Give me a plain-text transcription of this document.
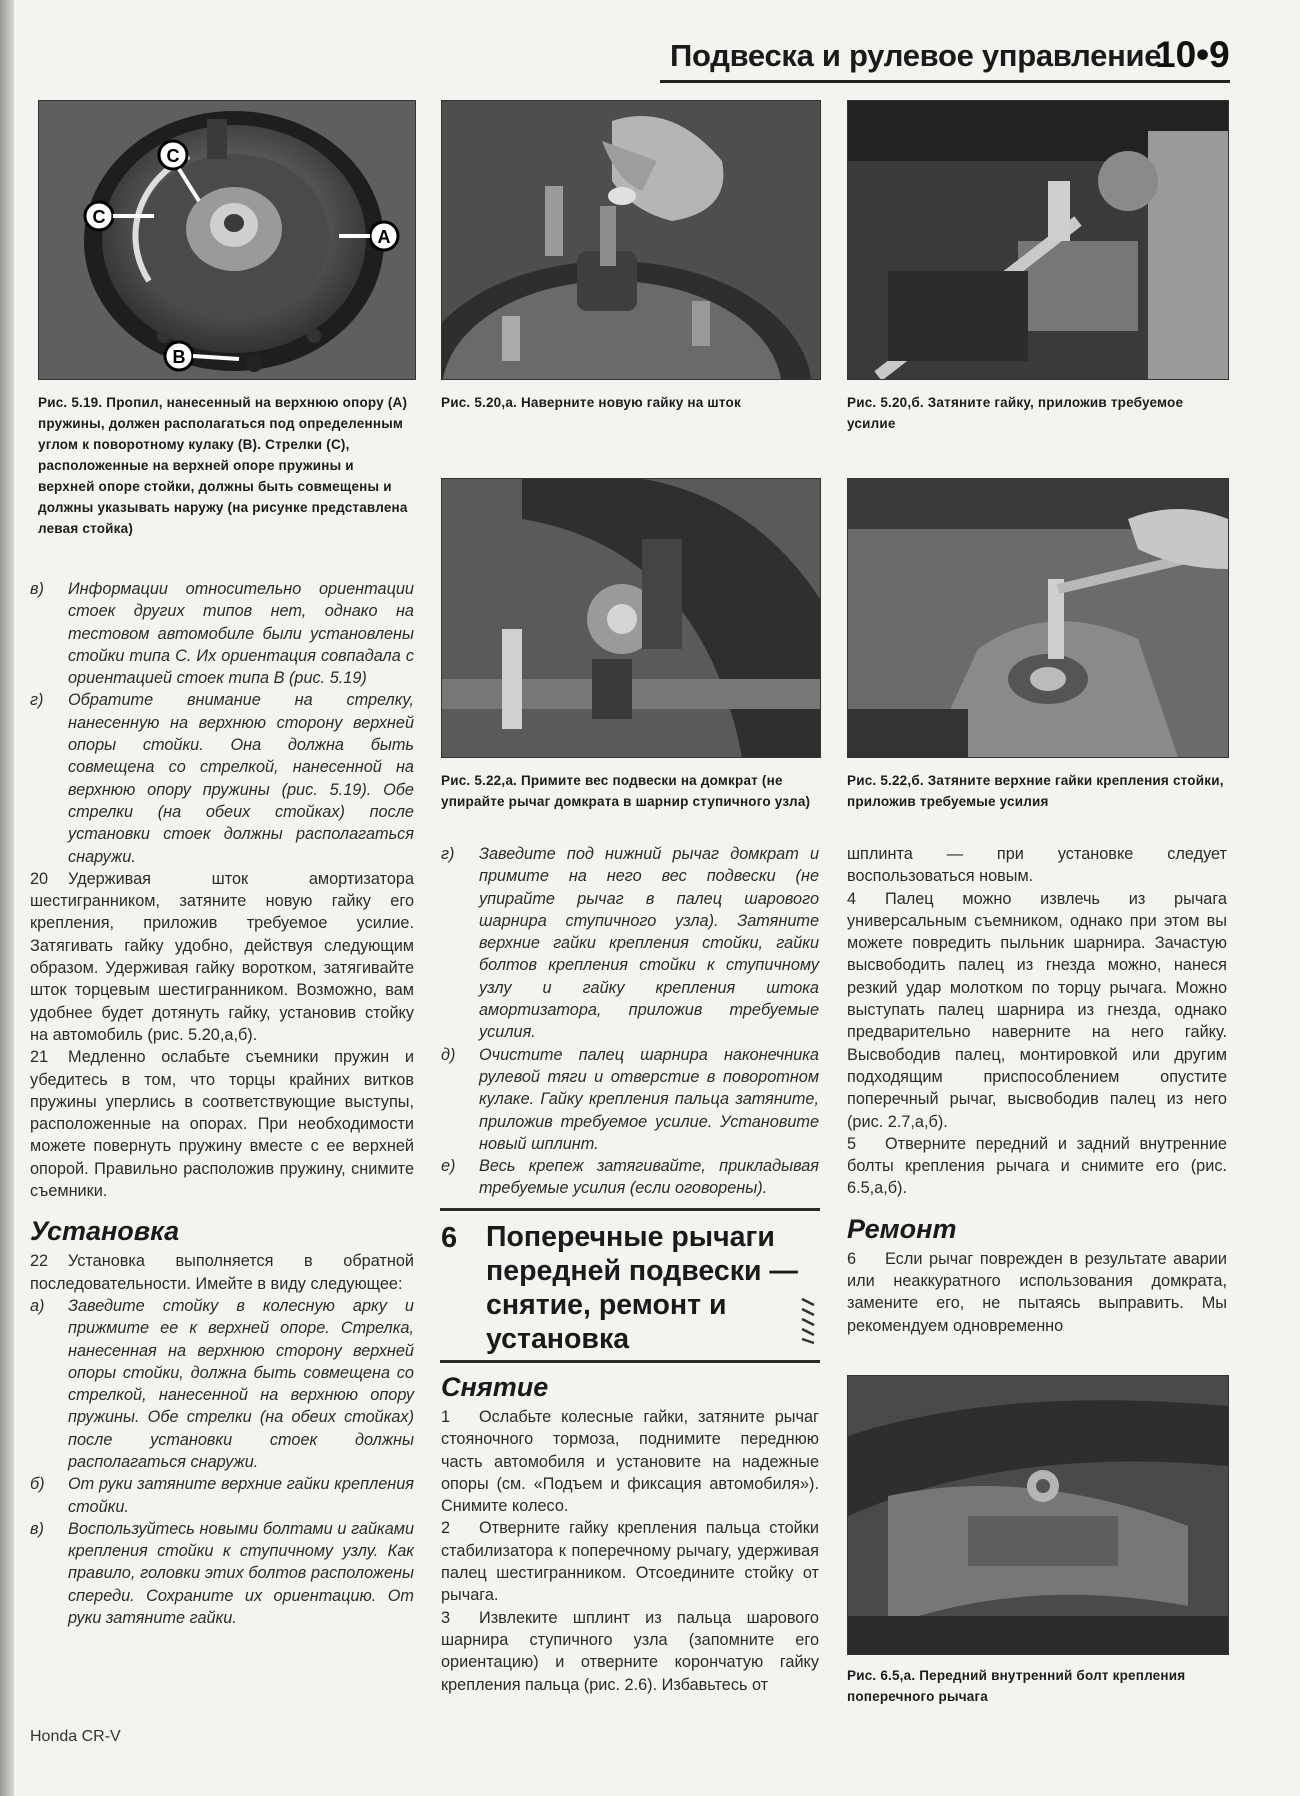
Подвеска и рулевое управление
10•9
C
C
A
B

Рис. 5.19. Пропил, нанесенный на верхнюю опору (А) пружины, должен располагаться под определенным углом к поворотному кулаку (В). Стрелки (С), расположенные на верхней опоре пружины и верхней опоре стойки, должны быть совмещены и должны указывать наружу (на рисунке представлена левая стойка)

Рис. 5.20,а. Наверните новую гайку на шток	Рис. 5.20,б. Затяните гайку, приложив требуемое усилие

Рис. 5.22,а. Примите вес подвески на домкрат (не упирайте рычаг домкрата в шарнир ступичного узла)

Рис. 5.22,б. Затяните верхние гайки крепления стойки, приложив требуемые усилия

в) Информации относительно ориентации стоек других типов нет, однако на тестовом автомобиле были установлены стойки типа С. Их ориентация совпадала с ориентацией стоек типа В (рис. 5.19)

г) Обратите внимание на стрелку, нанесенную на верхнюю сторону верхней опоры стойки. Она должна быть совмещена со стрелкой, нанесенной на верхнюю опору пружины (рис. 5.19). Обе стрелки (на обеих стойках) после установки стоек должны располагаться снаружи.

20 Удерживая шток амортизатора шестигранником, затяните новую гайку его крепления, приложив требуемое усилие. Затягивать гайку удобно, действуя следующим образом. Удерживая гайку воротком, затягивайте шток торцевым шестигранником. Возможно, вам удобнее будет дотянуть гайку, установив стойку на автомобиль (рис. 5.20,а,б).

21 Медленно ослабьте съемники пружин и убедитесь в том, что торцы крайних витков пружины уперлись в соответствующие выступы, расположенные на опорах. При необходимости можете повернуть пружину вместе с ее верхней опорой. Правильно расположив пружину, снимите съемники.

Установка

22 Установка выполняется в обратной последовательности. Имейте в виду следующее:

а) Заведите стойку в колесную арку и прижмите ее к верхней опоре. Стрелка, нанесенная на верхнюю сторону верхней опоры стойки, должна быть совмещена со стрелкой, нанесенной на верхнюю опору пружины. Обе стрелки (на обеих стойках) после установки стоек должны располагаться снаружи.

б) От руки затяните верхние гайки крепления стойки.

в) Воспользуйтесь новыми болтами и гайками крепления стойки к ступичному узлу. Как правило, головки этих болтов расположены спереди. Сохраните их ориентацию. От руки затяните гайки.

г) Заведите под нижний рычаг домкрат и примите на него вес подвески (не упирайте рычаг в палец шарового шарнира ступичного узла). Затяните верхние гайки крепления стойки, гайки болтов крепления стойки к ступичному узлу и гайку крепления штока амортизатора, приложив требуемые усилия.

д) Очистите палец шарнира наконечника рулевой тяги и отверстие в поворотном кулаке. Гайку крепления пальца затяните, приложив требуемое усилие. Установите новый шплинт.

е) Весь крепеж затягивайте, прикладывая требуемые усилия (если оговорены).

6 Поперечные рычаги передней подвески — снятие, ремонт и установка
Снятие

1 Ослабьте колесные гайки, затяните рычаг стояночного тормоза, поднимите переднюю часть автомобиля и установите на надежные опоры (см. «Подъем и фиксация автомобиля»). Снимите колесо.

2 Отверните гайку крепления пальца стойки стабилизатора к поперечному рычагу, удерживая палец шестигранником. Отсоедините стойку от рычага.

3 Извлеките шплинт из пальца шарового шарнира ступичного узла (запомните его ориентацию) и отверните корончатую гайку крепления пальца (рис. 2.6). Избавьтесь от

шплинта — при установке следует воспользоваться новым.

4 Палец можно извлечь из рычага универсальным съемником, однако при этом вы можете повредить пыльник шарнира. Зачастую высвободить палец из гнезда можно, нанеся резкий удар молотком по торцу рычага. Можно выступать палец шарнира из гнезда, однако предварительно наверните на него гайку. Высвободив палец, монтировкой или другим подходящим приспособлением опустите поперечный рычаг, высвободив палец из него (рис. 2.7,а,б).

5 Отверните передний и задний внутренние болты крепления рычага и снимите его (рис. 6.5,а,б).

Ремонт

6 Если рычаг поврежден в результате аварии или неаккуратного использования домкрата, замените его, не пытаясь выправить. Мы рекомендуем одновременно

Рис. 6.5,а. Передний внутренний болт крепления поперечного рычага

Honda CR-V
